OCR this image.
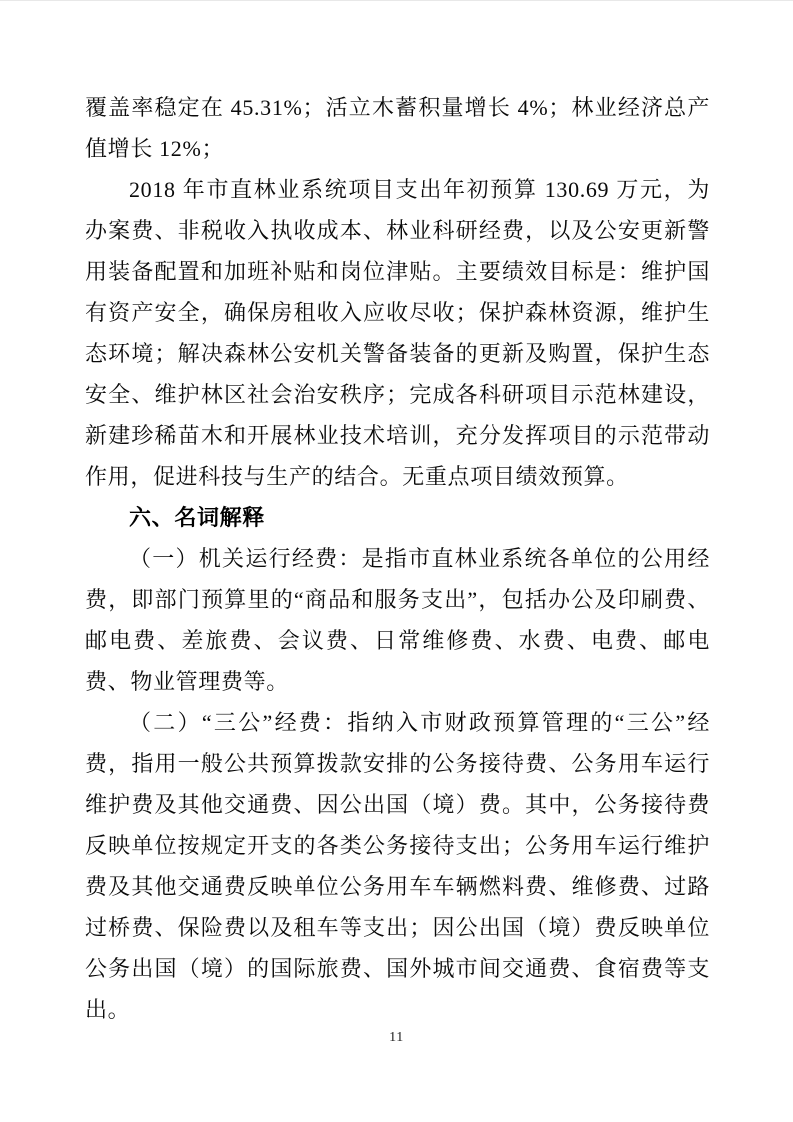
覆盖率稳定在 45.31%；活立木蓄积量增长 4%；林业经济总产值增长 12%；

2018 年市直林业系统项目支出年初预算 130.69 万元，为办案费、非税收入执收成本、林业科研经费，以及公安更新警用装备配置和加班补贴和岗位津贴。主要绩效目标是：维护国有资产安全，确保房租收入应收尽收；保护森林资源，维护生态环境；解决森林公安机关警备装备的更新及购置，保护生态安全、维护林区社会治安秩序；完成各科研项目示范林建设，新建珍稀苗木和开展林业技术培训，充分发挥项目的示范带动作用，促进科技与生产的结合。无重点项目绩效预算。

六、名词解释

（一）机关运行经费：是指市直林业系统各单位的公用经费，即部门预算里的“商品和服务支出”，包括办公及印刷费、邮电费、差旅费、会议费、日常维修费、水费、电费、邮电费、物业管理费等。

（二）“三公”经费：指纳入市财政预算管理的“三公”经费，指用一般公共预算拨款安排的公务接待费、公务用车运行维护费及其他交通费、因公出国（境）费。其中，公务接待费反映单位按规定开支的各类公务接待支出；公务用车运行维护费及其他交通费反映单位公务用车车辆燃料费、维修费、过路过桥费、保险费以及租车等支出；因公出国（境）费反映单位公务出国（境）的国际旅费、国外城市间交通费、食宿费等支出。

11
